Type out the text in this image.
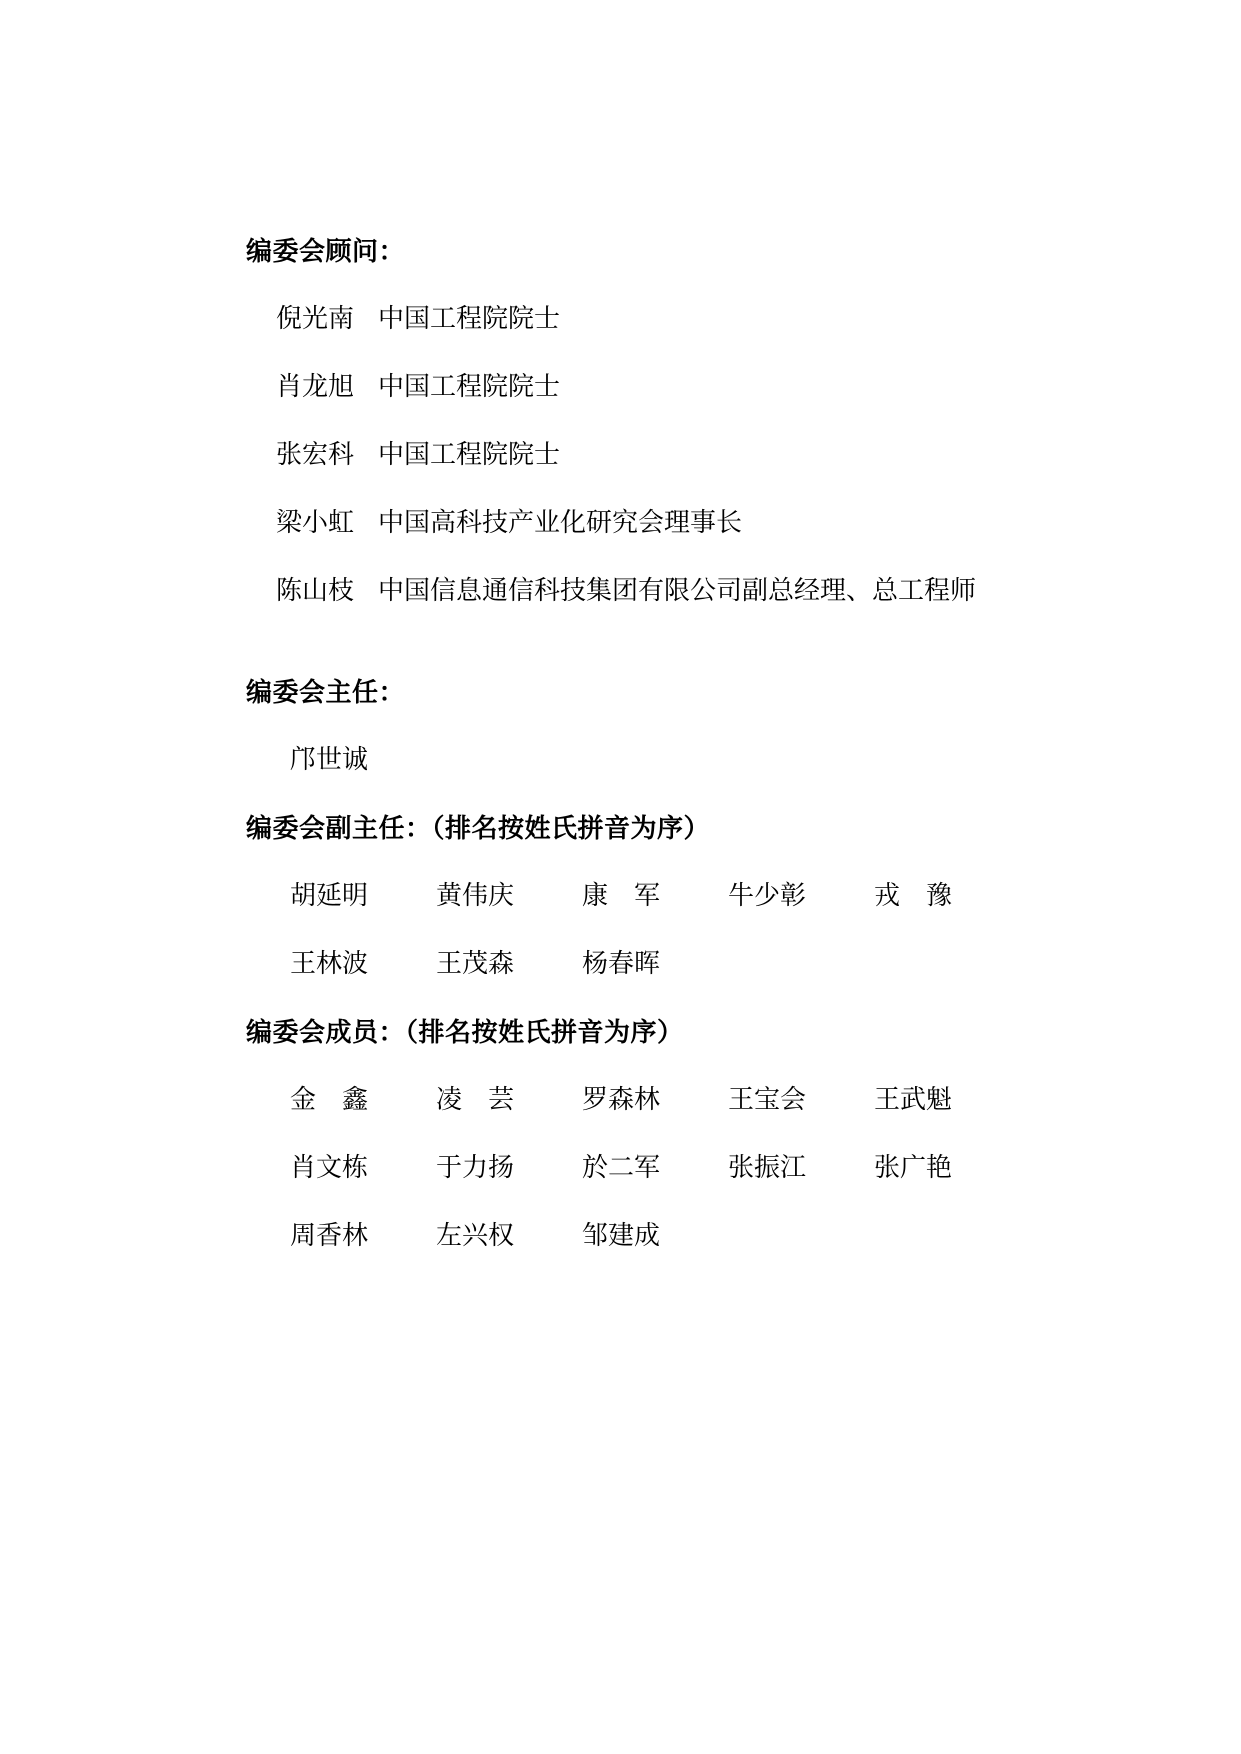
编委会顾问：
倪光南 中国工程院院士
肖龙旭 中国工程院院士
张宏科 中国工程院院士
梁小虹 中国高科技产业化研究会理事长
陈山枝 中国信息通信科技集团有限公司副总经理、总工程师
编委会主任：
邝世诚
编委会副主任：（排名按姓氏拼音为序）
胡延明	黄伟庆	康　军	牛少彰	戎　豫
王林波	王茂森	杨春晖
编委会成员：（排名按姓氏拼音为序）
金　鑫	凌　芸	罗森林	王宝会	王武魁
肖文栋	于力扬	於二军	张振江	张广艳
周香林	左兴权	邹建成
